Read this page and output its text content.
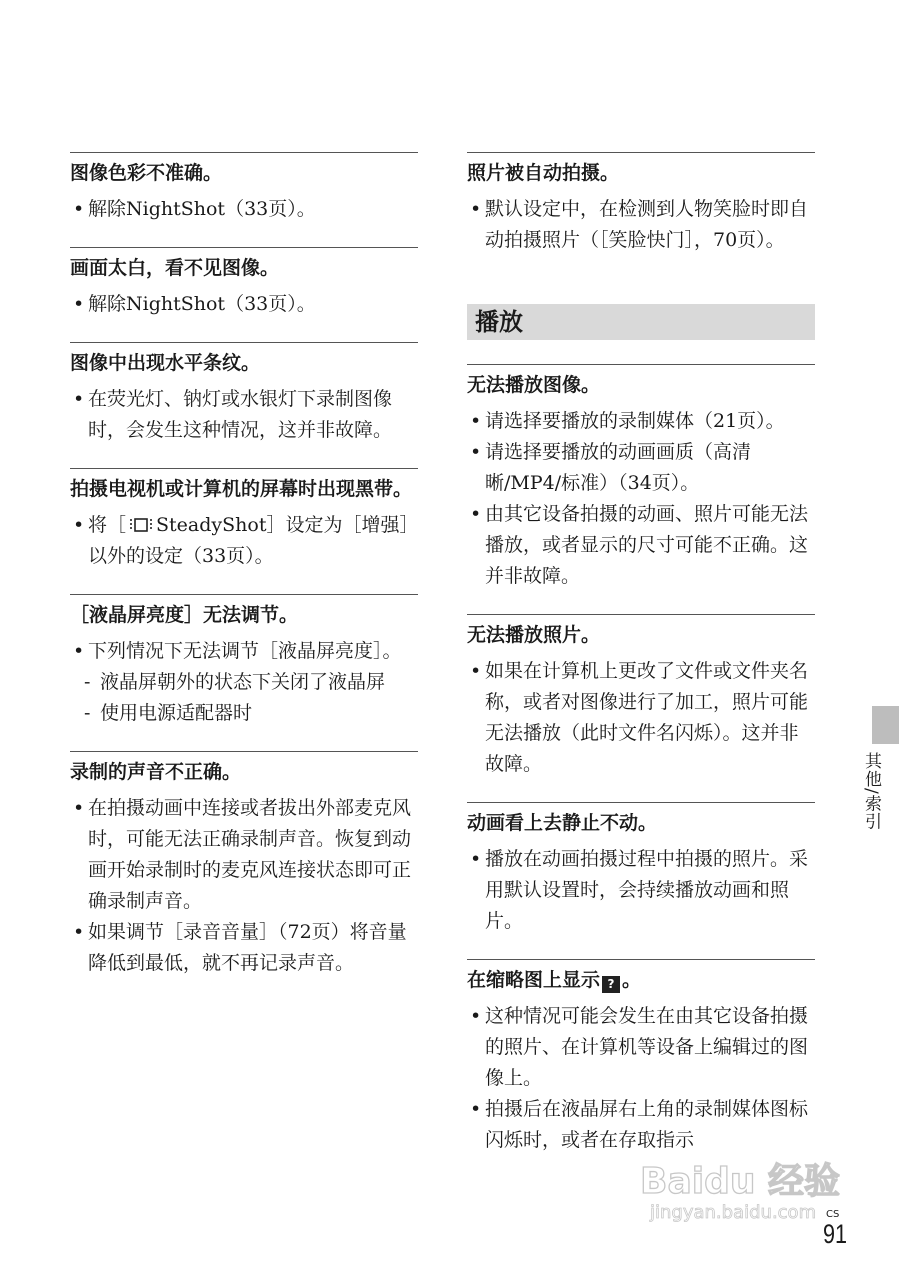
图像色彩不准确。
• 解除NightShot（33页）。
画面太白，看不见图像。
• 解除NightShot（33页）。
图像中出现水平条纹。
• 在荧光灯、钠灯或水银灯下录制图像时，会发生这种情况，这并非故障。
拍摄电视机或计算机的屏幕时出现黑带。
• 将［ SteadyShot］设定为［增强］以外的设定（33页）。
［液晶屏亮度］无法调节。
• 下列情况下无法调节［液晶屏亮度］。
- 液晶屏朝外的状态下关闭了液晶屏
- 使用电源适配器时
录制的声音不正确。
• 在拍摄动画中连接或者拔出外部麦克风时，可能无法正确录制声音。恢复到动画开始录制时的麦克风连接状态即可正确录制声音。
• 如果调节［录音音量］（72页）将音量降低到最低，就不再记录声音。
照片被自动拍摄。
• 默认设定中，在检测到人物笑脸时即自动拍摄照片（［笑脸快门］，70页）。
播放
无法播放图像。
• 请选择要播放的录制媒体（21页）。
• 请选择要播放的动画画质（高清晰/MP4/标准）（34页）。
• 由其它设备拍摄的动画、照片可能无法播放，或者显示的尺寸可能不正确。这并非故障。
无法播放照片。
• 如果在计算机上更改了文件或文件夹名称，或者对图像进行了加工，照片可能无法播放（此时文件名闪烁）。这并非故障。
动画看上去静止不动。
• 播放在动画拍摄过程中拍摄的照片。采用默认设置时，会持续播放动画和照片。
在缩略图上显示 ? 。
• 这种情况可能会发生在由其它设备拍摄的照片、在计算机等设备上编辑过的图像上。
• 拍摄后在液晶屏右上角的录制媒体图标闪烁时，或者在存取指示
其他/索引
CS
91
Baidu 经验
jingyan.baidu.com
